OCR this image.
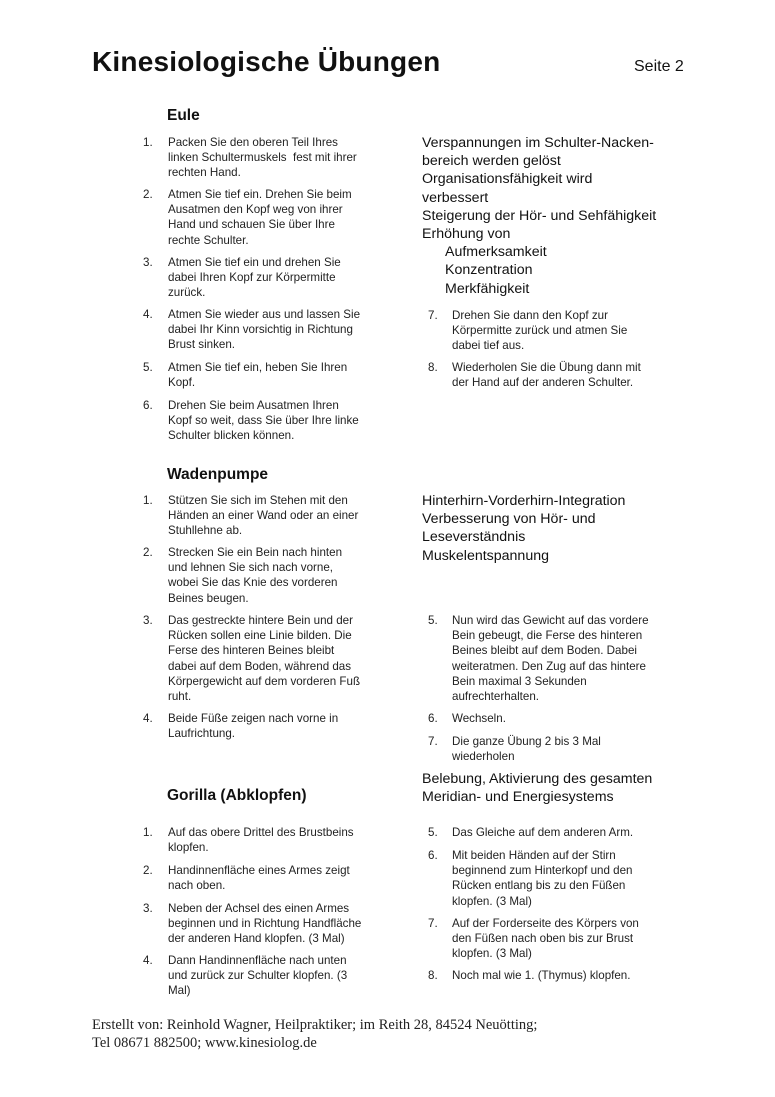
Kinesiologische Übungen	Seite 2
Eule
1. Packen Sie den oberen Teil Ihres
linken Schultermuskels  fest mit ihrer
rechten Hand.
2. Atmen Sie tief ein. Drehen Sie beim
Ausatmen den Kopf weg von ihrer
Hand und schauen Sie über Ihre
rechte Schulter.
3. Atmen Sie tief ein und drehen Sie
dabei Ihren Kopf zur Körpermitte
zurück.
4. Atmen Sie wieder aus und lassen Sie
dabei Ihr Kinn vorsichtig in Richtung
Brust sinken.
5. Atmen Sie tief ein, heben Sie Ihren
Kopf.
6. Drehen Sie beim Ausatmen Ihren
Kopf so weit, dass Sie über Ihre linke
Schulter blicken können.
Verspannungen im Schulter-Nacken-
bereich werden gelöst
Organisationsfähigkeit wird
verbessert
Steigerung der Hör- und Sehfähigkeit
Erhöhung von
Aufmerksamkeit
Konzentration
Merkfähigkeit
7. Drehen Sie dann den Kopf zur
Körpermitte zurück und atmen Sie
dabei tief aus.
8. Wiederholen Sie die Übung dann mit
der Hand auf der anderen Schulter.
Wadenpumpe
1. Stützen Sie sich im Stehen mit den
Händen an einer Wand oder an einer
Stuhllehne ab.
2. Strecken Sie ein Bein nach hinten
und lehnen Sie sich nach vorne,
wobei Sie das Knie des vorderen
Beines beugen.
3. Das gestreckte hintere Bein und der
Rücken sollen eine Linie bilden. Die
Ferse des hinteren Beines bleibt
dabei auf dem Boden, während das
Körpergewicht auf dem vorderen Fuß
ruht.
4. Beide Füße zeigen nach vorne in
Laufrichtung.
Hinterhirn-Vorderhirn-Integration
Verbesserung von Hör- und
Leseverständnis
Muskelentspannung
5. Nun wird das Gewicht auf das vordere
Bein gebeugt, die Ferse des hinteren
Beines bleibt auf dem Boden. Dabei
weiteratmen. Den Zug auf das hintere
Bein maximal 3 Sekunden
aufrechterhalten.
6. Wechseln.
7. Die ganze Übung 2 bis 3 Mal
wiederholen
Belebung, Aktivierung des gesamten
Meridian- und Energiesystems
Gorilla (Abklopfen)
1. Auf das obere Drittel des Brustbeins
klopfen.
2. Handinnenfläche eines Armes zeigt
nach oben.
3. Neben der Achsel des einen Armes
beginnen und in Richtung Handfläche
der anderen Hand klopfen. (3 Mal)
4. Dann Handinnenfläche nach unten
und zurück zur Schulter klopfen. (3
Mal)
5. Das Gleiche auf dem anderen Arm.
6. Mit beiden Händen auf der Stirn
beginnend zum Hinterkopf und den
Rücken entlang bis zu den Füßen
klopfen. (3 Mal)
7. Auf der Forderseite des Körpers von
den Füßen nach oben bis zur Brust
klopfen. (3 Mal)
8. Noch mal wie 1. (Thymus) klopfen.
Erstellt von: Reinhold Wagner, Heilpraktiker; im Reith 28, 84524 Neuötting;
Tel 08671 882500; www.kinesiolog.de
